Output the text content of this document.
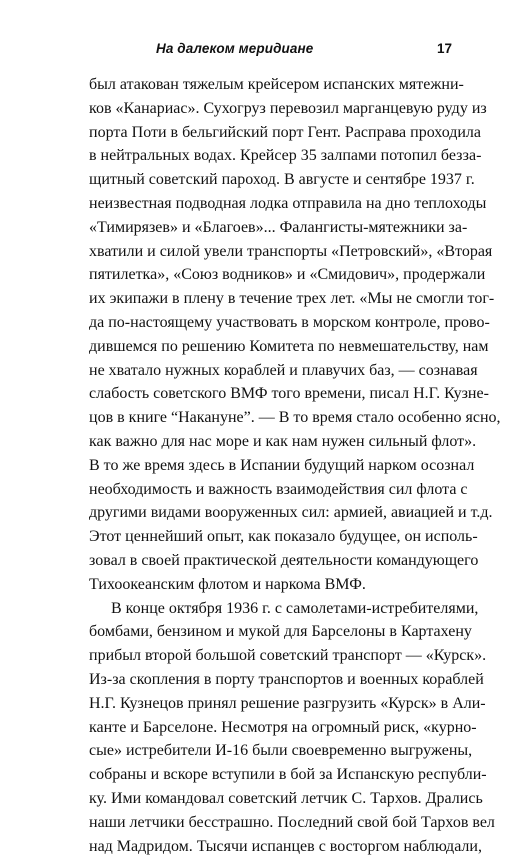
На далеком меридиане	17
был атакован тяжелым крейсером испанских мятежни-
ков «Канариас». Сухогруз перевозил марганцевую руду из
порта Поти в бельгийский порт Гент. Расправа проходила
в нейтральных водах. Крейсер 35 залпами потопил безза-
щитный советский пароход. В августе и сентябре 1937 г.
неизвестная подводная лодка отправила на дно теплоходы
«Тимирязев» и «Благоев»... Фалангисты-мятежники за-
хватили и силой увели транспорты «Петровский», «Вторая
пятилетка», «Союз водников» и «Смидович», продержали
их экипажи в плену в течение трех лет. «Мы не смогли тог-
да по-настоящему участвовать в морском контроле, прово-
дившемся по решению Комитета по невмешательству, нам
не хватало нужных кораблей и плавучих баз, — сознавая
слабость советского ВМФ того времени, писал Н.Г. Кузне-
цов в книге “Накануне”. — В то время стало особенно ясно,
как важно для нас море и как нам нужен сильный флот».
В то же время здесь в Испании будущий нарком осознал
необходимость и важность взаимодействия сил флота с
другими видами вооруженных сил: армией, авиацией и т.д.
Этот ценнейший опыт, как показало будущее, он исполь-
зовал в своей практической деятельности командующего
Тихоокеанским флотом и наркома ВМФ.
В конце октября 1936 г. с самолетами-истребителями,
бомбами, бензином и мукой для Барселоны в Картахену
прибыл второй большой советский транспорт — «Курск».
Из-за скопления в порту транспортов и военных кораблей
Н.Г. Кузнецов принял решение разгрузить «Курск» в Али-
канте и Барселоне. Несмотря на огромный риск, «курно-
сые» истребители И-16 были своевременно выгружены,
собраны и вскоре вступили в бой за Испанскую республи-
ку. Ими командовал советский летчик С. Тархов. Дрались
наши летчики бесстрашно. Последний свой бой Тархов вел
над Мадридом. Тысячи испанцев с восторгом наблюдали,
